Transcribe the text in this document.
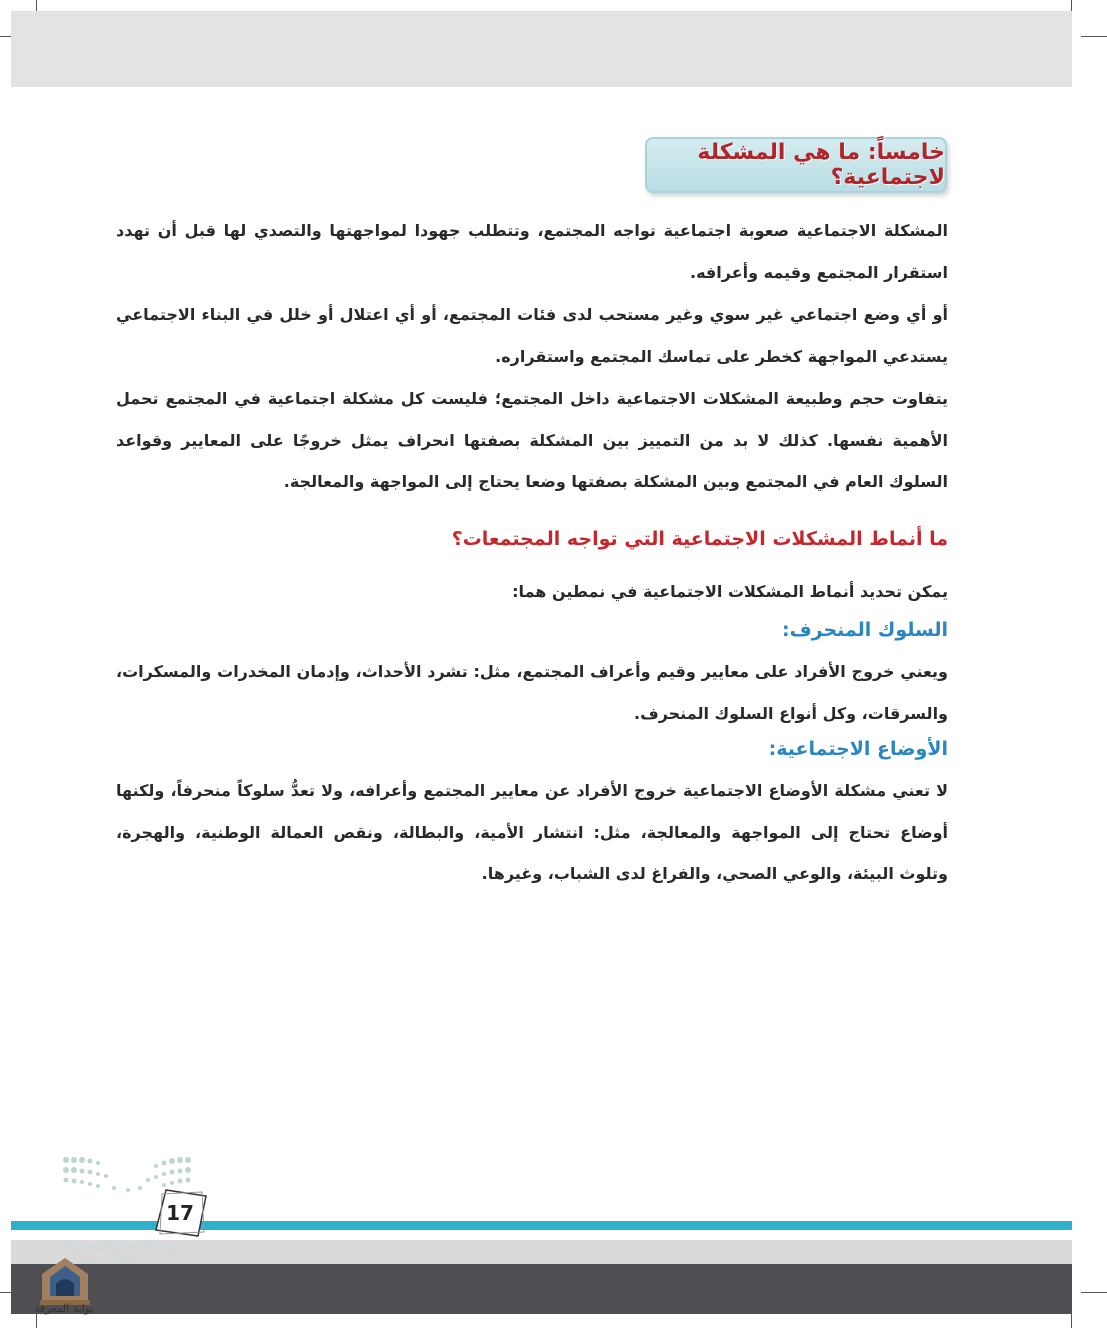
خامساً: ما هي المشكلة لاجتماعية؟

المشكلة الاجتماعية صعوبة اجتماعية تواجه المجتمع، وتتطلب جهودا لمواجهتها والتصدي لها قبل أن تهدد استقرار المجتمع وقيمه وأعرافه.

أو أي وضع اجتماعي غير سوي وغير مستحب لدى فئات المجتمع، أو أي اعتلال أو خلل في البناء الاجتماعي يستدعي المواجهة كخطر على تماسك المجتمع واستقراره.

يتفاوت حجم وطبيعة المشكلات الاجتماعية داخل المجتمع؛ فليست كل مشكلة اجتماعية في المجتمع تحمل الأهمية نفسها. كذلك لا بد من التمييز بين المشكلة بصفتها انحراف يمثل خروجًا على المعايير وقواعد السلوك العام في المجتمع وبين المشكلة بصفتها وضعا يحتاج إلى المواجهة والمعالجة.

ما أنماط المشكلات الاجتماعية التي تواجه المجتمعات؟

يمكن تحديد أنماط المشكلات الاجتماعية في نمطين هما:

السلوك المنحرف:

ويعني خروج الأفراد على معايير وقيم وأعراف المجتمع، مثل: تشرد الأحداث، وإدمان المخدرات والمسكرات، والسرقات، وكل أنواع السلوك المنحرف.

الأوضاع الاجتماعية:

لا تعني مشكلة الأوضاع الاجتماعية خروج الأفراد عن معايير المجتمع وأعرافه، ولا تعدُّ سلوكاً منحرفاً، ولكنها أوضاع تحتاج إلى المواجهة والمعالجة، مثل: انتشار الأمية، والبطالة، ونقص العمالة الوطنية، والهجرة، وتلوث البيئة، والوعي الصحي، والفراغ لدى الشباب، وغيرها.

Ministry of Education
2025 - 1447
17
بوابة المعرفة
